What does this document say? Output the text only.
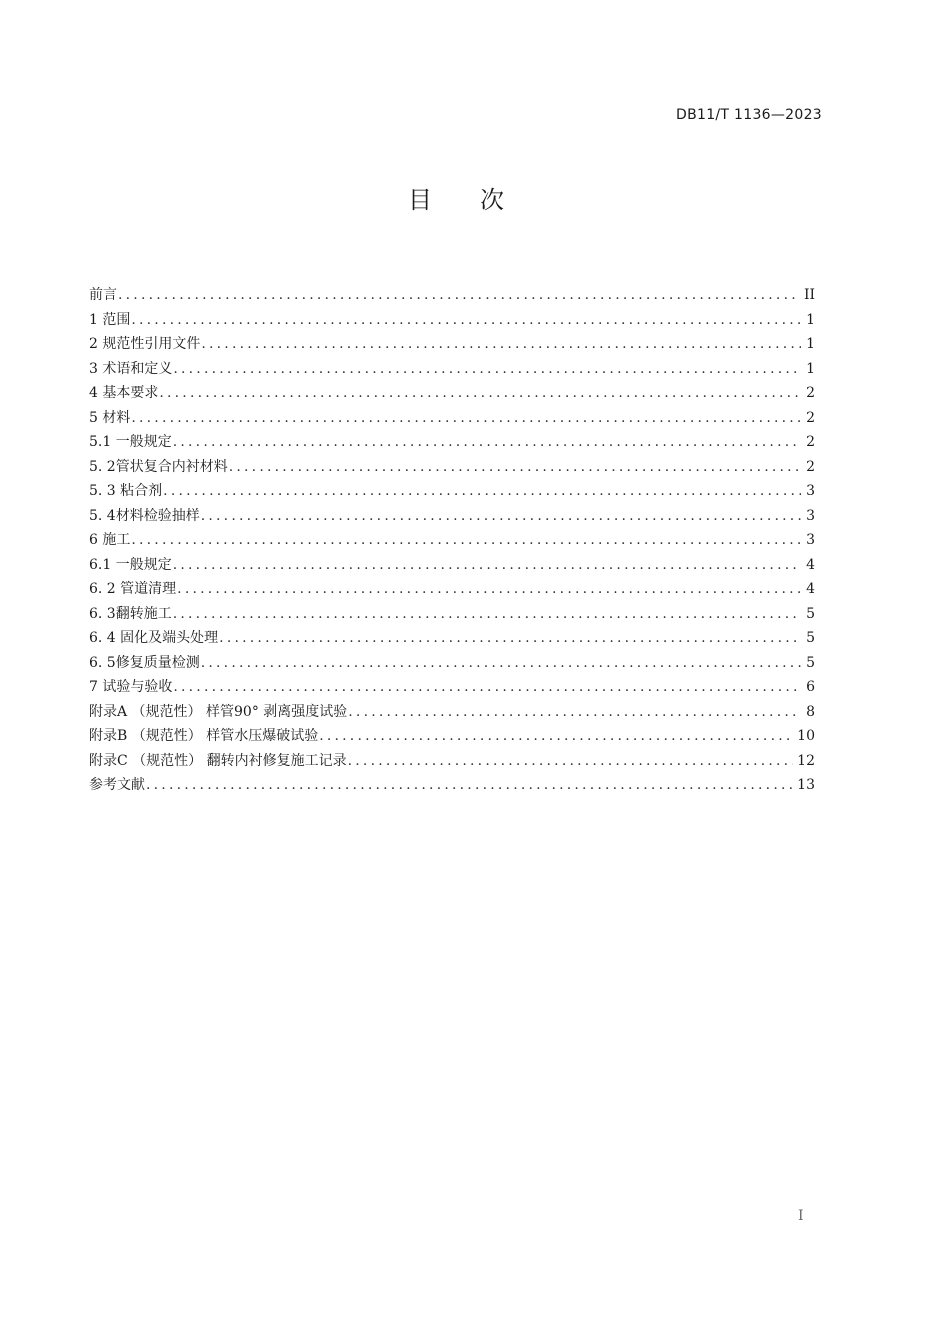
DB11/T 1136—2023
目次
前言 .....	II
1 范围 .....	1
2 规范性引用文件 .....	1
3 术语和定义 .....	1
4 基本要求 .....	2
5 材料 .....	2
5.1 一般规定 .....	2
5. 2管状复合内衬材料 .....	2
5. 3 粘合剂 .....	3
5. 4材料检验抽样 .....	3
6 施工 .....	3
6.1 一般规定 .....	4
6. 2 管道清理 .....	4
6. 3翻转施工 .....	5
6. 4 固化及端头处理 .....	5
6. 5修复质量检测 .....	5
7 试验与验收 .....	6
附录A （规范性） 样管90° 剥离强度试验 .....	8
附录B （规范性） 样管水压爆破试验 .....	10
附录C （规范性） 翻转内衬修复施工记录 .....	12
参考文献 .....	13
I
